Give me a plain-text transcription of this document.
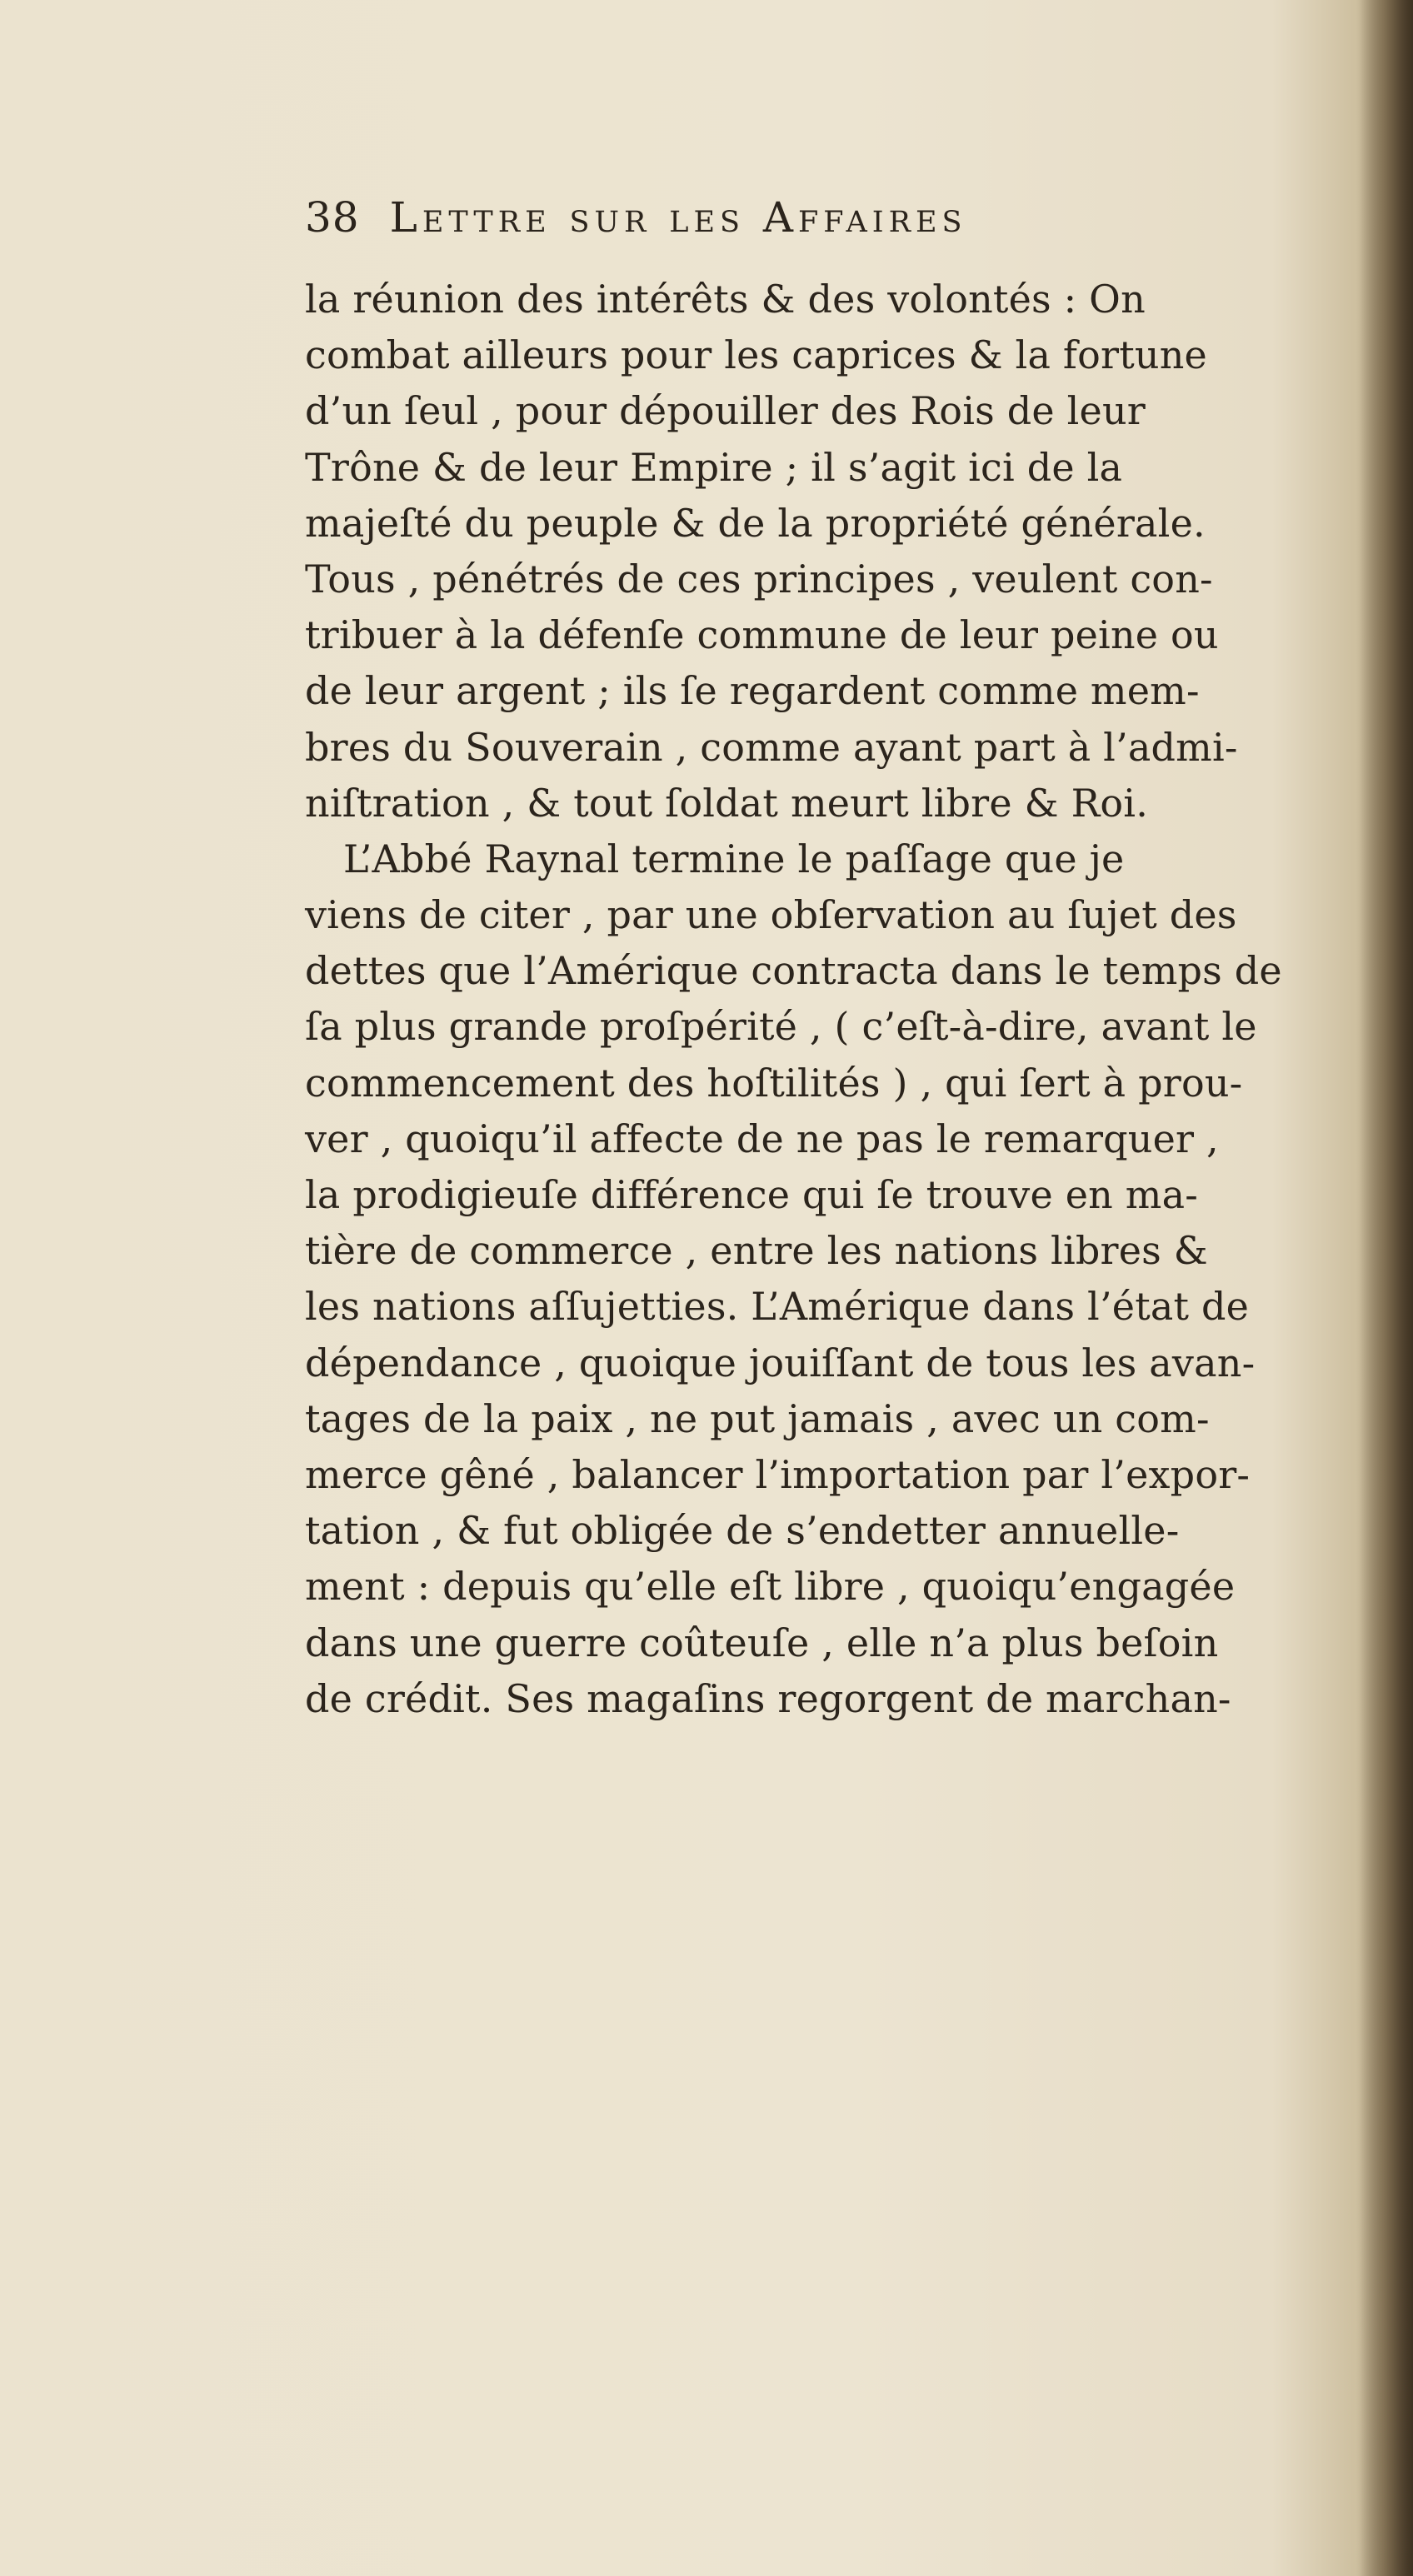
38 Lettre sur les Affaires
la réunion des intérêts & des volontés : On
combat ailleurs pour les caprices & la fortune
d’un ſeul , pour dépouiller des Rois de leur
Trône & de leur Empire ; il s’agit ici de la
majeſté du peuple & de la propriété générale.
Tous , pénétrés de ces principes , veulent con-
tribuer à la défenſe commune de leur peine ou
de leur argent ; ils ſe regardent comme mem-
bres du Souverain , comme ayant part à l’admi-
niſtration , & tout ſoldat meurt libre & Roi.
L’Abbé Raynal termine le paſſage que je
viens de citer , par une obſervation au ſujet des
dettes que l’Amérique contracta dans le temps de
ſa plus grande proſpérité , ( c’eſt-à-dire, avant le
commencement des hoſtilités ) , qui ſert à prou-
ver , quoiqu’il affecte de ne pas le remarquer ,
la prodigieuſe différence qui ſe trouve en ma-
tière de commerce , entre les nations libres &
les nations aſſujetties. L’Amérique dans l’état de
dépendance , quoique jouiſſant de tous les avan-
tages de la paix , ne put jamais , avec un com-
merce gêné , balancer l’importation par l’expor-
tation , & fut obligée de s’endetter annuelle-
ment : depuis qu’elle eſt libre , quoiqu’engagée
dans une guerre coûteuſe , elle n’a plus beſoin
de crédit. Ses magaſins regorgent de marchan-
